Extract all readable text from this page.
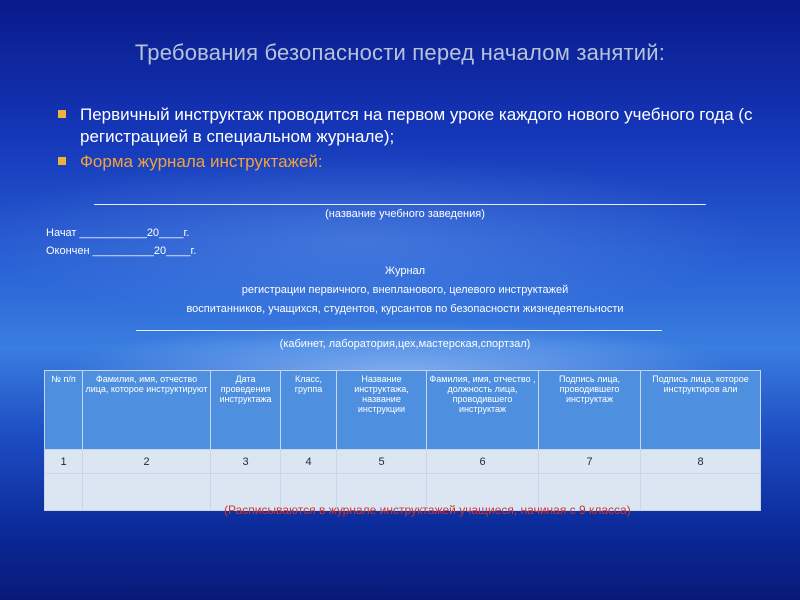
Требования безопасности перед началом занятий:
Первичный инструктаж проводится на первом уроке каждого нового учебного года (с регистрацией в специальном журнале);
Форма журнала инструктажей:
(название учебного заведения)
Начат ___________20____г.
Окончен __________20____г.
Журнал
регистрации первичного, внепланового, целевого инструктажей
воспитанников, учащихся, студентов, курсантов по безопасности жизнедеятельности
(кабинет, лаборатория,цех,мастерская,спортзал)
№ п/п	Фамилия, имя, отчество лица, которое инструктируют	Дата проведения инструктажа	Класс, группа	Название инструктажа, название инструкции	Фамилия, имя, отчество , должность лица, проводившего инструктаж	Подпись лица, проводившего инструктаж	Подпись лица, которое инструктиров али
1	2	3	4	5	6	7	8

(Расписываются в журнале инструктажей учащиеся, начиная с 9 класса)
